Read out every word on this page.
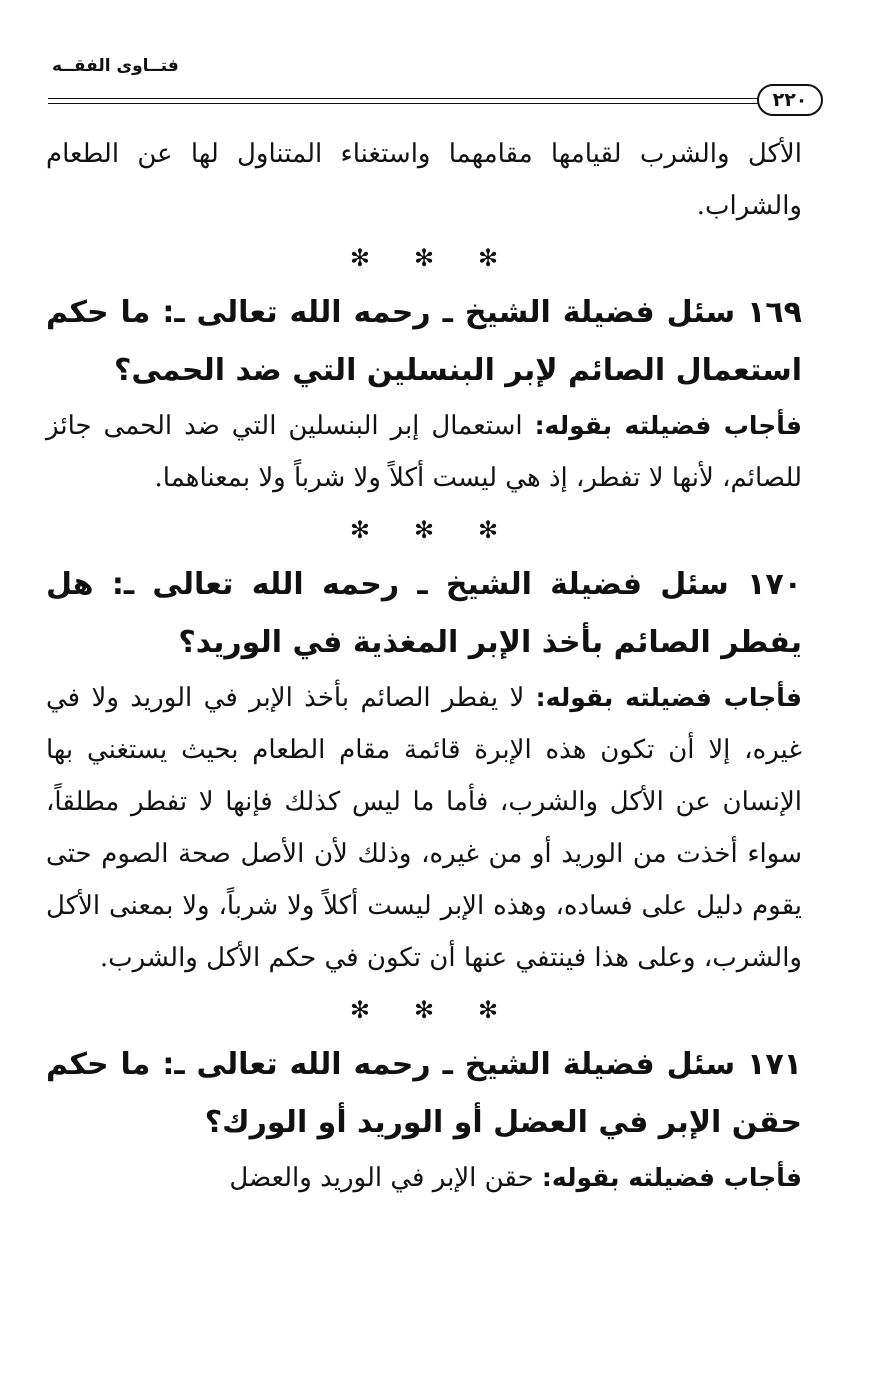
فتــاوى الفقــه
٢٢٠

الأكل والشرب لقيامها مقامهما واستغناء المتناول لها عن الطعام والشراب.

✻ ✻ ✻

١٦٩ سئل فضيلة الشيخ ـ رحمه الله تعالى ـ: ما حكم استعمال الصائم لإبر البنسلين التي ضد الحمى؟

فأجاب فضيلته بقوله: استعمال إبر البنسلين التي ضد الحمى جائز للصائم، لأنها لا تفطر، إذ هي ليست أكلاً ولا شرباً ولا بمعناهما.

✻ ✻ ✻

١٧٠ سئل فضيلة الشيخ ـ رحمه الله تعالى ـ: هل يفطر الصائم بأخذ الإبر المغذية في الوريد؟

فأجاب فضيلته بقوله: لا يفطر الصائم بأخذ الإبر في الوريد ولا في غيره، إلا أن تكون هذه الإبرة قائمة مقام الطعام بحيث يستغني بها الإنسان عن الأكل والشرب، فأما ما ليس كذلك فإنها لا تفطر مطلقاً، سواء أخذت من الوريد أو من غيره، وذلك لأن الأصل صحة الصوم حتى يقوم دليل على فساده، وهذه الإبر ليست أكلاً ولا شرباً، ولا بمعنى الأكل والشرب، وعلى هذا فينتفي عنها أن تكون في حكم الأكل والشرب.

✻ ✻ ✻

١٧١ سئل فضيلة الشيخ ـ رحمه الله تعالى ـ: ما حكم حقن الإبر في العضل أو الوريد أو الورك؟

فأجاب فضيلته بقوله: حقن الإبر في الوريد والعضل
